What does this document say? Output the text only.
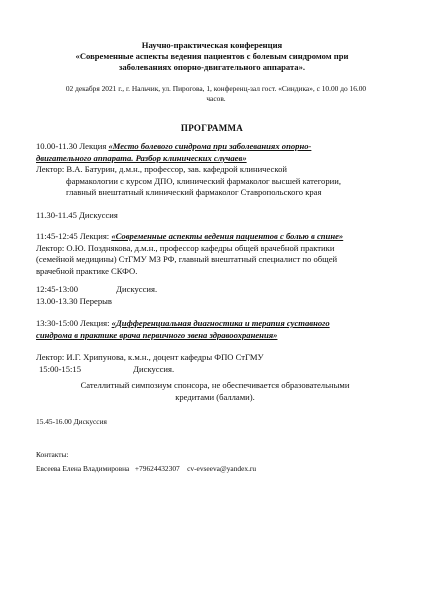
Научно-практическая конференция
«Современные аспекты ведения пациентов с болевым синдромом при
заболеваниях опорно-двигательного аппарата».
02 декабря 2021 г., г. Нальчик, ул. Пирогова, 1, конференц-зал гост. «Синдика», с 10.00 до 16.00
часов.
ПРОГРАММА
10.00-11.30 Лекция «Место болевого синдрома при заболеваниях опорно-
двигательного аппарата. Разбор клинических случаев»
Лектор: В.А. Батурин, д.м.н., профессор, зав. кафедрой клинической
фармакологии с курсом ДПО, клинический фармаколог высшей категории,
главный внештатный клинический фармаколог Ставропольского края
11.30-11.45 Дискуссия
11:45-12:45 Лекция: «Современные аспекты ведения пациентов с болью в спине»
Лектор: О.Ю. Позднякова, д.м.н., профессор кафедры общей врачебной практики
(семейной медицины) СтГМУ МЗ РФ, главный внештатный специалист по общей
врачебной практике СКФО.
12:45-13:00	Дискуссия.
13.00-13.30 Перерыв
13:30-15:00 Лекция: «Дифференциальная диагностика и терапия суставного
синдрома в практике врача первичного звена здравоохранения»
Лектор: И.Г. Хрипунова, к.м.н., доцент кафедры ФПО СтГМУ
15:00-15:15	Дискуссия.
Сателлитный симпозиум спонсора, не обеспечивается образовательными
кредитами (баллами).
15.45-16.00 Дискуссия
Контакты:
Евсеева Елена Владимировна +79624432307 cv-evseeva@yandex.ru
